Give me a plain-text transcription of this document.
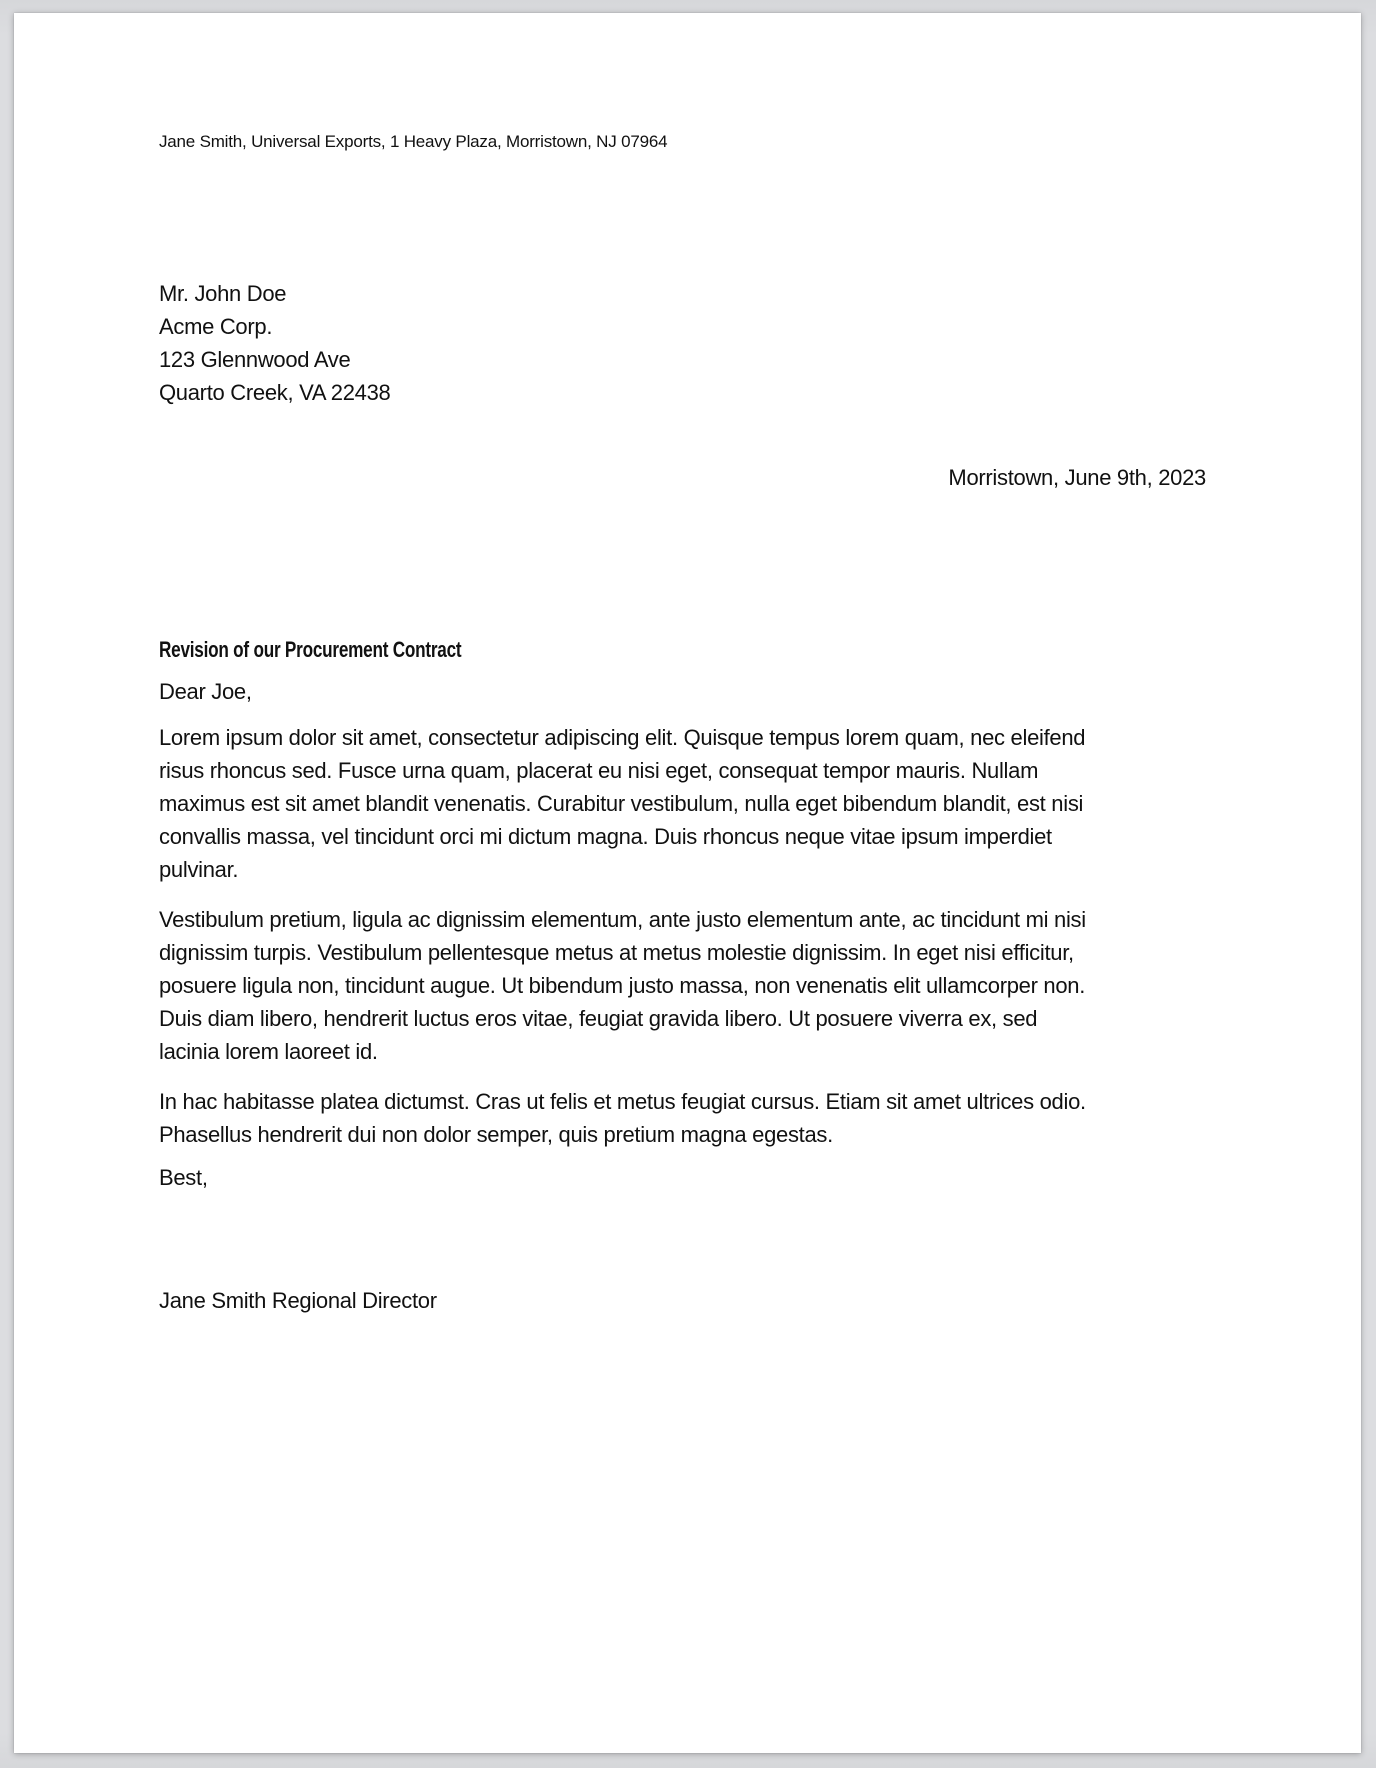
Jane Smith, Universal Exports, 1 Heavy Plaza, Morristown, NJ 07964
Mr. John Doe
Acme Corp.
123 Glennwood Ave
Quarto Creek, VA 22438
Morristown, June 9th, 2023
Revision of our Procurement Contract
Dear Joe,
Lorem ipsum dolor sit amet, consectetur adipiscing elit. Quisque tempus lorem quam, nec eleifend
risus rhoncus sed. Fusce urna quam, placerat eu nisi eget, consequat tempor mauris. Nullam
maximus est sit amet blandit venenatis. Curabitur vestibulum, nulla eget bibendum blandit, est nisi
convallis massa, vel tincidunt orci mi dictum magna. Duis rhoncus neque vitae ipsum imperdiet
pulvinar.
Vestibulum pretium, ligula ac dignissim elementum, ante justo elementum ante, ac tincidunt mi nisi
dignissim turpis. Vestibulum pellentesque metus at metus molestie dignissim. In eget nisi efficitur,
posuere ligula non, tincidunt augue. Ut bibendum justo massa, non venenatis elit ullamcorper non.
Duis diam libero, hendrerit luctus eros vitae, feugiat gravida libero. Ut posuere viverra ex, sed
lacinia lorem laoreet id.
In hac habitasse platea dictumst. Cras ut felis et metus feugiat cursus. Etiam sit amet ultrices odio.
Phasellus hendrerit dui non dolor semper, quis pretium magna egestas.
Best,
Jane Smith Regional Director
